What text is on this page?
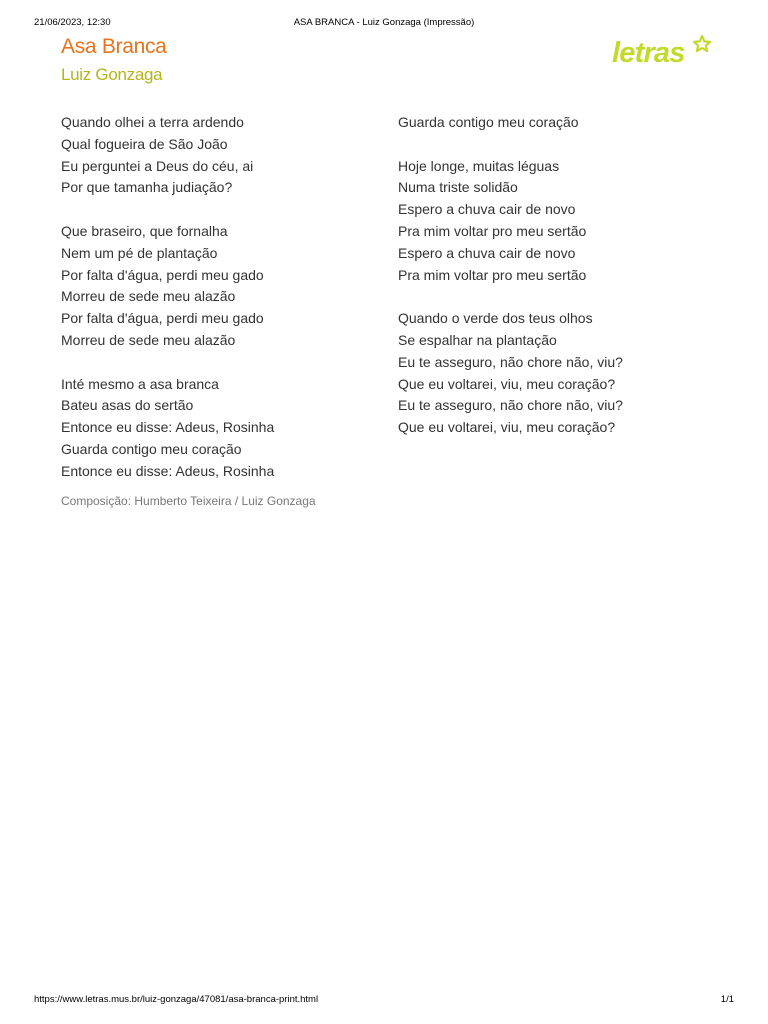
21/06/2023, 12:30	ASA BRANCA - Luiz Gonzaga (Impressão)
Asa Branca
Luiz Gonzaga
letras

Quando olhei a terra ardendo
Qual fogueira de São João
Eu perguntei a Deus do céu, ai
Por que tamanha judiação?

Que braseiro, que fornalha
Nem um pé de plantação
Por falta d'água, perdi meu gado
Morreu de sede meu alazão
Por falta d'água, perdi meu gado
Morreu de sede meu alazão

Inté mesmo a asa branca
Bateu asas do sertão
Entonce eu disse: Adeus, Rosinha
Guarda contigo meu coração
Entonce eu disse: Adeus, Rosinha

Guarda contigo meu coração

Hoje longe, muitas léguas
Numa triste solidão
Espero a chuva cair de novo
Pra mim voltar pro meu sertão
Espero a chuva cair de novo
Pra mim voltar pro meu sertão

Quando o verde dos teus olhos
Se espalhar na plantação
Eu te asseguro, não chore não, viu?
Que eu voltarei, viu, meu coração?
Eu te asseguro, não chore não, viu?
Que eu voltarei, viu, meu coração?

Composição: Humberto Teixeira / Luiz Gonzaga
https://www.letras.mus.br/luiz-gonzaga/47081/asa-branca-print.html	1/1
